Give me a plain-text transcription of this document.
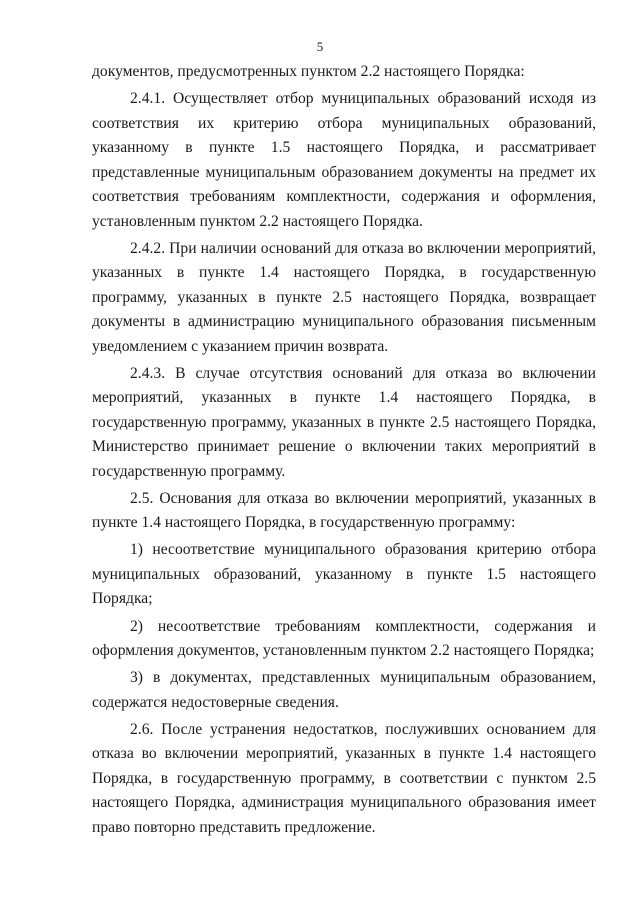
5

документов, предусмотренных пунктом 2.2 настоящего Порядка:

2.4.1. Осуществляет отбор муниципальных образований исходя из соответствия их критерию отбора муниципальных образований, указанному в пункте 1.5 настоящего Порядка, и рассматривает представленные муниципальным образованием документы на предмет их соответствия требованиям комплектности, содержания и оформления, установленным пунктом 2.2 настоящего Порядка.

2.4.2. При наличии оснований для отказа во включении мероприятий, указанных в пункте 1.4 настоящего Порядка, в государственную программу, указанных в пункте 2.5 настоящего Порядка, возвращает документы в администрацию муниципального образования письменным уведомлением с указанием причин возврата.

2.4.3. В случае отсутствия оснований для отказа во включении мероприятий, указанных в пункте 1.4 настоящего Порядка, в государственную программу, указанных в пункте 2.5 настоящего Порядка, Министерство принимает решение о включении таких мероприятий в государственную программу.

2.5. Основания для отказа во включении мероприятий, указанных в пункте 1.4 настоящего Порядка, в государственную программу:

1) несоответствие муниципального образования критерию отбора муниципальных образований, указанному в пункте 1.5 настоящего Порядка;

2) несоответствие требованиям комплектности, содержания и оформления документов, установленным пунктом 2.2 настоящего Порядка;

3) в документах, представленных муниципальным образованием, содержатся недостоверные сведения.

2.6. После устранения недостатков, послуживших основанием для отказа во включении мероприятий, указанных в пункте 1.4 настоящего Порядка, в государственную программу, в соответствии с пунктом 2.5 настоящего Порядка, администрация муниципального образования имеет право повторно представить предложение.
